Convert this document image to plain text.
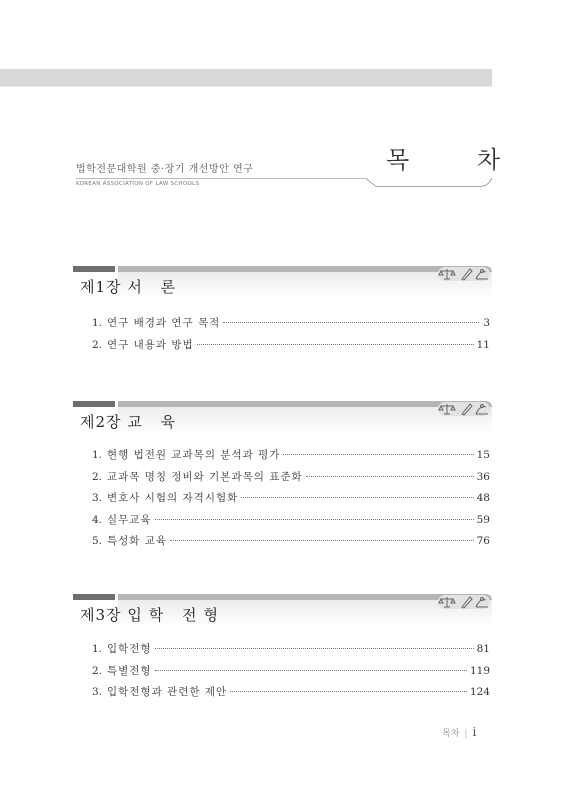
법학전문대학원 중·장기 개선방안 연구
KOREAN ASSOCIATION OF LAW SCHOOLS
목 차
제1장 서 론
1. 연구 배경과 연구 목적	3
2. 연구 내용과 방법	11
제2장 교 육
1. 현행 법전원 교과목의 분석과 평가	15
2. 교과목 명칭 정비와 기본과목의 표준화	36
3. 변호사 시험의 자격시험화	48
4. 실무교육	59
5. 특성화 교육	76
제3장 입학 전형
1. 입학전형	81
2. 특별전형	119
3. 입학전형과 관련한 제안	124
목차 | i
